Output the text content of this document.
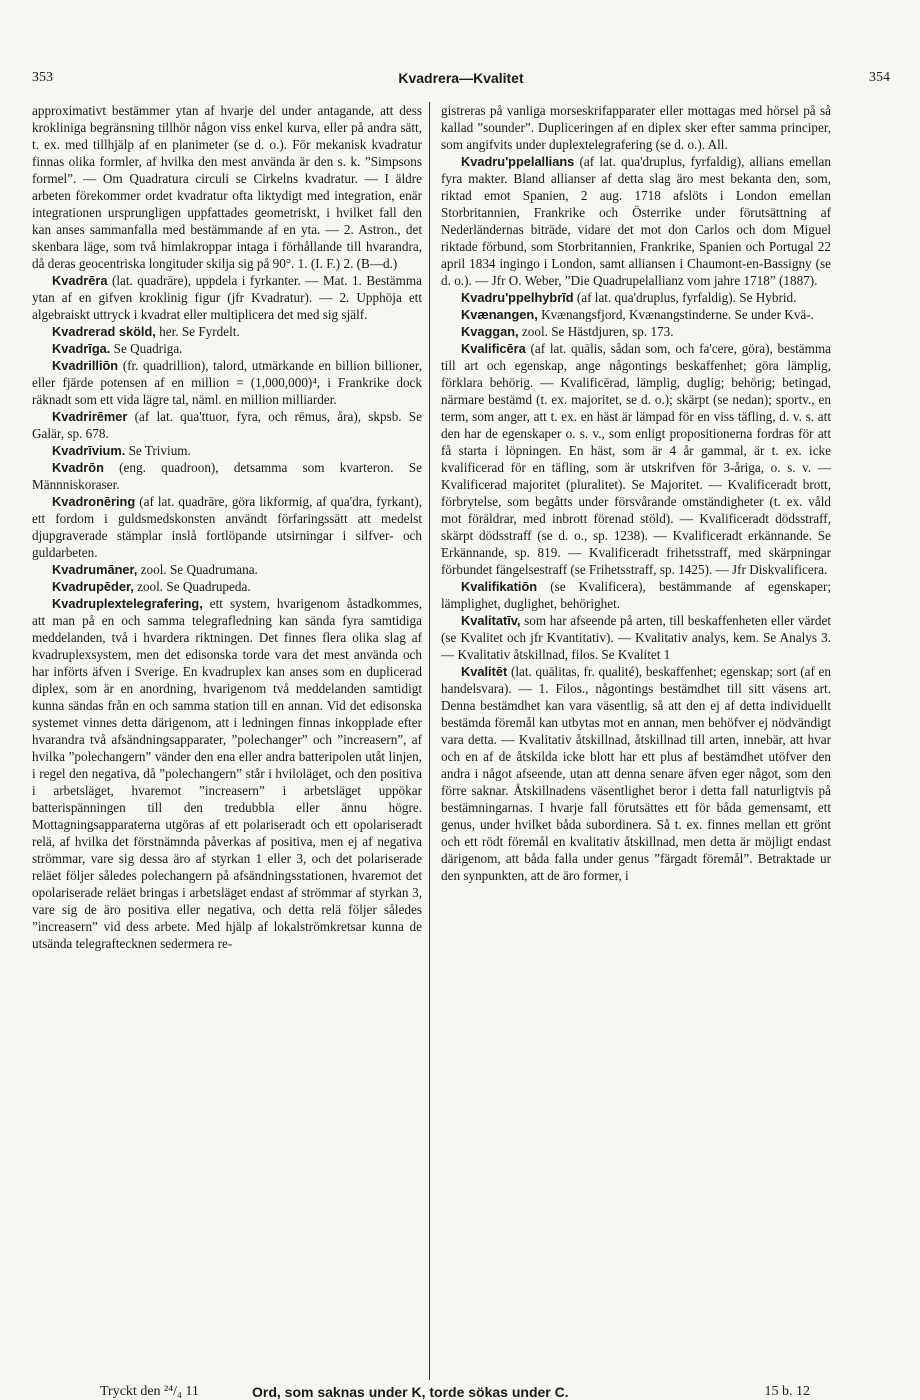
353	Kvadrera—Kvalitet	354

approximativt bestämmer ytan af hvarje del under antagande, att dess krokliniga begränsning tillhör någon viss enkel kurva, eller på andra sätt, t. ex. med tillhjälp af en planimeter (se d. o.). För mekanisk kvadratur finnas olika formler, af hvilka den mest använda är den s. k. ”Simpsons formel”. — Om Quadratura circuli se Cirkelns kvadratur. — I äldre arbeten förekommer ordet kvadratur ofta liktydigt med integration, enär integrationen ursprungligen uppfattades geometriskt, i hvilket fall den kan anses sammanfalla med bestämmande af en yta. — 2. Astron., det skenbara läge, som två himlakroppar intaga i förhållande till hvarandra, då deras geocentriska longituder skilja sig på 90°. 1. (I. F.) 2. (B—d.)

Kvadrēra (lat. quadrāre), uppdela i fyrkanter. — Mat. 1. Bestämma ytan af en gifven kroklinig figur (jfr Kvadratur). — 2. Upphöja ett algebraiskt uttryck i kvadrat eller multiplicera det med sig själf.

Kvadrerad sköld, her. Se Fyrdelt.

Kvadrīga. Se Quadriga.

Kvadrilliōn (fr. quadrillion), talord, utmärkande en billion billioner, eller fjärde potensen af en million = (1,000,000)⁴, i Frankrike dock räknadt som ett vida lägre tal, näml. en million milliarder.

Kvadrirēmer (af lat. qua'ttuor, fyra, och rēmus, åra), skpsb. Se Galär, sp. 678.

Kvadrīvium. Se Trivium.

Kvadrōn (eng. quadroon), detsamma som kvarteron. Se Männniskoraser.

Kvadronēring (af lat. quadrāre, göra likformig, af qua'dra, fyrkant), ett fordom i guldsmedskonsten användt förfaringssätt att medelst djupgraverade stämplar inslå fortlöpande utsirningar i silfver- och guldarbeten.

Kvadrumāner, zool. Se Quadrumana.

Kvadrupēder, zool. Se Quadrupeda.

Kvadruplextelegrafering, ett system, hvarigenom åstadkommes, att man på en och samma telegrafledning kan sända fyra samtidiga meddelanden, två i hvardera riktningen. Det finnes flera olika slag af kvadruplexsystem, men det edisonska torde vara det mest använda och har införts äfven i Sverige. En kvadruplex kan anses som en duplicerad diplex, som är en anordning, hvarigenom två meddelanden samtidigt kunna sändas från en och samma station till en annan. Vid det edisonska systemet vinnes detta därigenom, att i ledningen finnas inkopplade efter hvarandra två afsändningsapparater, ”polechanger” och ”increasern”, af hvilka ”polechangern” vänder den ena eller andra batteripolen utåt linjen, i regel den negativa, då ”polechangern” står i hviloläget, och den positiva i arbetsläget, hvaremot ”increasern” i arbetsläget uppökar batterispänningen till den tredubbla eller ännu högre. Mottagningsapparaterna utgöras af ett polariseradt och ett opolariseradt relä, af hvilka det förstnämnda påverkas af positiva, men ej af negativa strömmar, vare sig dessa äro af styrkan 1 eller 3, och det polariserade reläet följer således polechangern på afsändningsstationen, hvaremot det opolariserade reläet bringas i arbetsläget endast af strömmar af styrkan 3, vare sig de äro positiva eller negativa, och detta relä följer således ”increasern” vid dess arbete. Med hjälp af lokalströmkretsar kunna de utsända telegraftecknen sedermera re-

gistreras på vanliga morseskrifapparater eller mottagas med hörsel på så kallad ”sounder”. Dupliceringen af en diplex sker efter samma principer, som angifvits under duplextelegrafering (se d. o.). All.

Kvadru'ppelallians (af lat. qua'druplus, fyrfaldig), allians emellan fyra makter. Bland allianser af detta slag äro mest bekanta den, som, riktad emot Spanien, 2 aug. 1718 afslöts i London emellan Storbritannien, Frankrike och Österrike under förutsättning af Nederländernas biträde, vidare det mot don Carlos och dom Miguel riktade förbund, som Storbritannien, Frankrike, Spanien och Portugal 22 april 1834 ingingo i London, samt alliansen i Chaumont-en-Bassigny (se d. o.). — Jfr O. Weber, ”Die Quadrupelallianz vom jahre 1718” (1887).

Kvadru'ppelhybrīd (af lat. qua'druplus, fyrfaldig). Se Hybrid.

Kvænangen, Kvænangsfjord, Kvænangstinderne. Se under Kvä-.

Kvaggan, zool. Se Hästdjuren, sp. 173.

Kvalificēra (af lat. quālis, sådan som, och fa'cere, göra), bestämma till art och egenskap, ange någontings beskaffenhet; göra lämplig, förklara behörig. — Kvalificērad, lämplig, duglig; behörig; betingad, närmare bestämd (t. ex. majoritet, se d. o.); skärpt (se nedan); sportv., en term, som anger, att t. ex. en häst är lämpad för en viss täfling, d. v. s. att den har de egenskaper o. s. v., som enligt propositionerna fordras för att få starta i löpningen. En häst, som är 4 år gammal, är t. ex. icke kvalificerad för en täfling, som är utskrifven för 3-åriga, o. s. v. — Kvalificerad majoritet (pluralitet). Se Majoritet. — Kvalificeradt brott, förbrytelse, som begåtts under försvårande omständigheter (t. ex. våld mot föräldrar, med inbrott förenad stöld). — Kvalificeradt dödsstraff, skärpt dödsstraff (se d. o., sp. 1238). — Kvalificeradt erkännande. Se Erkännande, sp. 819. — Kvalificeradt frihetsstraff, med skärpningar förbundet fängelsestraff (se Frihetsstraff, sp. 1425). — Jfr Diskvalificera.

Kvalifikatiōn (se Kvalificera), bestämmande af egenskaper; lämplighet, duglighet, behörighet.

Kvalitatīv, som har afseende på arten, till beskaffenheten eller värdet (se Kvalitet och jfr Kvantitativ). — Kvalitativ analys, kem. Se Analys 3. — Kvalitativ åtskillnad, filos. Se Kvalitet 1

Kvalitēt (lat. quālitas, fr. qualité), beskaffenhet; egenskap; sort (af en handelsvara). — 1. Filos., någontings bestämdhet till sitt väsens art. Denna bestämdhet kan vara väsentlig, så att den ej af detta individuellt bestämda föremål kan utbytas mot en annan, men behöfver ej nödvändigt vara detta. — Kvalitativ åtskillnad, åtskillnad till arten, innebär, att hvar och en af de åtskilda icke blott har ett plus af bestämdhet utöfver den andra i något afseende, utan att denna senare äfven eger något, som den förre saknar. Åtskillnadens väsentlighet beror i detta fall naturligtvis på bestämningarnas. I hvarje fall förutsättes ett för båda gemensamt, ett genus, under hvilket båda subordinera. Så t. ex. finnes mellan ett grönt och ett rödt föremål en kvalitativ åtskillnad, men detta är möjligt endast därigenom, att båda falla under genus ”färgadt föremål”. Betraktade ur den synpunkten, att de äro former, i

Tryckt den ²⁴/₄ 11	Ord, som saknas under K, torde sökas under C.	15 b. 12
